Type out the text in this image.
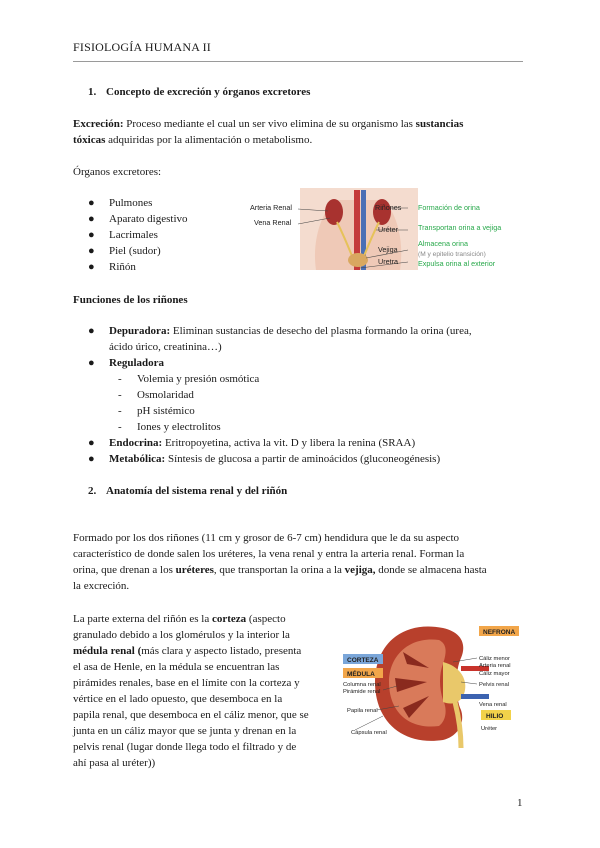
FISIOLOGÍA HUMANA II
1. Concepto de excreción y órganos excretores
Excreción: Proceso mediante el cual un ser vivo elimina de su organismo las sustancias
tóxicas adquiridas por la alimentación o metabolismo.
Órganos excretores:
● Pulmones
● Aparato digestivo
● Lacrimales
● Piel (sudor)
● Riñón
Arteria Renal
Vena Renal
Riñones
Uréter
Vejiga
Uretra
Formación de orina
Transportan orina a vejiga
Almacena orina
(M y epitelio transición)
Expulsa orina al exterior
Funciones de los riñones
● Depuradora: Eliminan sustancias de desecho del plasma formando la orina (urea,
ácido úrico, creatinina…)
● Reguladora
- Volemia y presión osmótica
- Osmolaridad
- pH sistémico
- Iones y electrolitos
● Endocrina: Eritropoyetina, activa la vit. D y libera la renina (SRAA)
● Metabólica: Síntesis de glucosa a partir de aminoácidos (gluconeogénesis)
2. Anatomía del sistema renal y del riñón
Formado por los dos riñones (11 cm y grosor de 6-7 cm) hendidura que le da su aspecto
característico de donde salen los uréteres, la vena renal y entra la arteria renal. Forman la
orina, que drenan a los uréteres, que transportan la orina a la vejiga, donde se almacena hasta
la excreción.
La parte externa del riñón es la corteza (aspecto
granulado debido a los glomérulos y la interior la
médula renal (más clara y aspecto listado, presenta
el asa de Henle, en la médula se encuentran las
pirámides renales, base en el límite con la corteza y
vértice en el lado opuesto, que desemboca en la
papila renal, que desemboca en el cáliz menor, que se
junta en un cáliz mayor que se junta y drenan en la
pelvis renal (lugar donde llega todo el filtrado y de
ahí pasa al uréter))
NEFRONA
CORTEZA
MÉDULA
Columna renal
Pirámide renal
Papila renal
Cápsula renal
Cáliz menor
Arteria renal
Cáliz mayor
Pelvis renal
Vena renal
HILIO
Uréter
1
